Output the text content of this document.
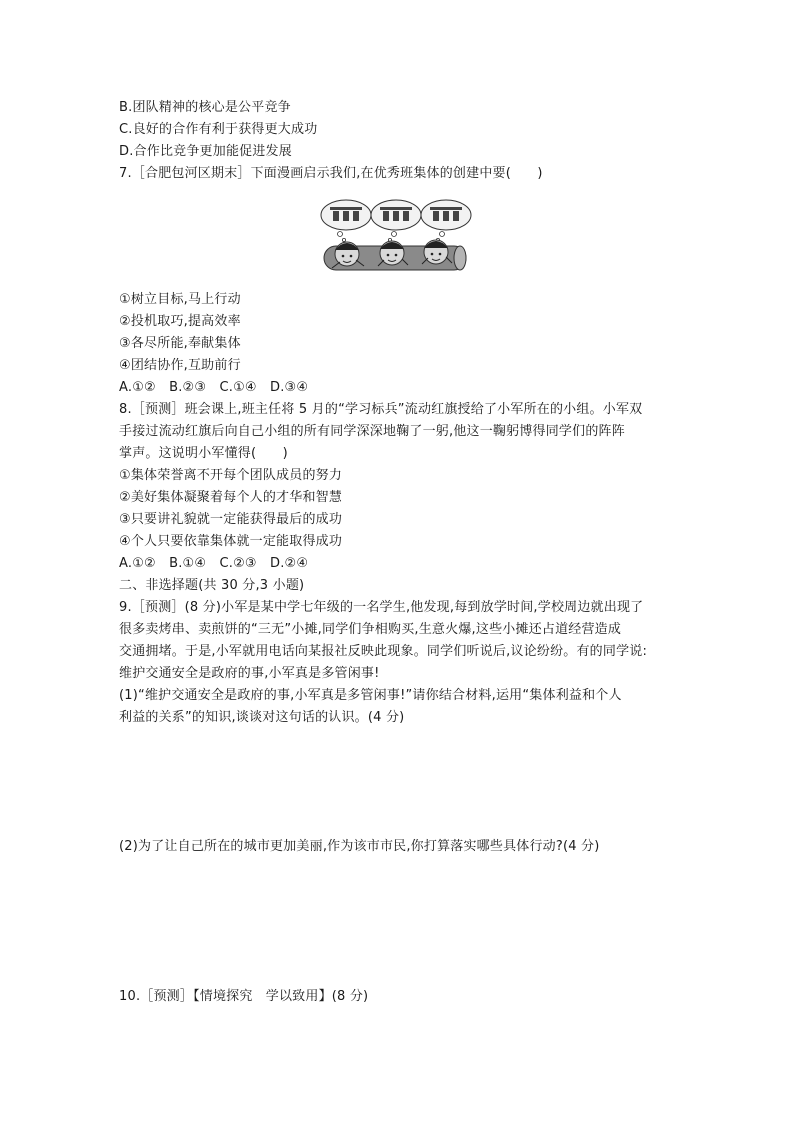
B.团队精神的核心是公平竞争
C.良好的合作有利于获得更大成功
D.合作比竞争更加能促进发展
7.［合肥包河区期末］下面漫画启示我们,在优秀班集体的创建中要(　　)
①树立目标,马上行动
②投机取巧,提高效率
③各尽所能,奉献集体
④团结协作,互助前行
A.①②　B.②③　C.①④　D.③④
8.［预测］班会课上,班主任将 5 月的“学习标兵”流动红旗授给了小军所在的小组。小军双
手接过流动红旗后向自己小组的所有同学深深地鞠了一躬,他这一鞠躬博得同学们的阵阵
掌声。这说明小军懂得(　　)
①集体荣誉离不开每个团队成员的努力
②美好集体凝聚着每个人的才华和智慧
③只要讲礼貌就一定能获得最后的成功
④个人只要依靠集体就一定能取得成功
A.①②　B.①④　C.②③　D.②④
二、非选择题(共 30 分,3 小题)
9.［预测］(8 分)小军是某中学七年级的一名学生,他发现,每到放学时间,学校周边就出现了
很多卖烤串、卖煎饼的“三无”小摊,同学们争相购买,生意火爆,这些小摊还占道经营造成
交通拥堵。于是,小军就用电话向某报社反映此现象。同学们听说后,议论纷纷。有的同学说:
维护交通安全是政府的事,小军真是多管闲事!
(1)“维护交通安全是政府的事,小军真是多管闲事!”请你结合材料,运用“集体利益和个人
利益的关系”的知识,谈谈对这句话的认识。(4 分)
(2)为了让自己所在的城市更加美丽,作为该市市民,你打算落实哪些具体行动?(4 分)
10.［预测］【情境探究　学以致用】(8 分)
